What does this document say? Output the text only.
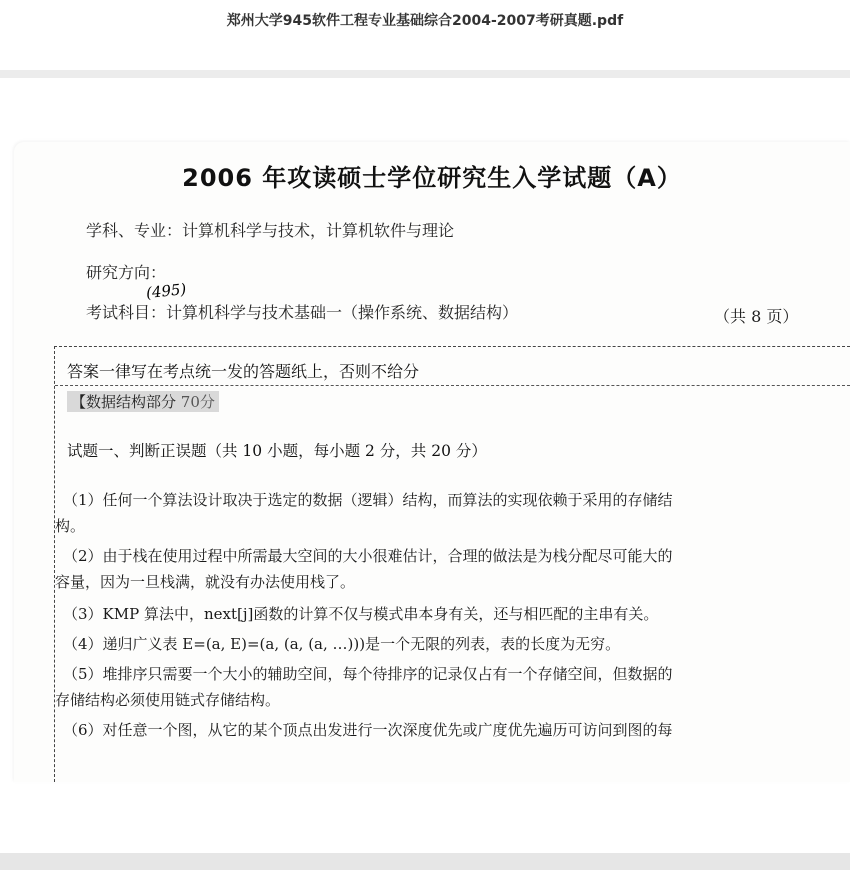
郑州大学945软件工程专业基础综合2004-2007考研真题.pdf
2006 年攻读硕士学位研究生入学试题（A）
学科、专业：计算机科学与技术，计算机软件与理论
研究方向：
(495)
考试科目：计算机科学与技术基础一（操作系统、数据结构）	（共 8 页）
答案一律写在考点统一发的答题纸上，否则不给分
【数据结构部分 70分
试题一、判断正误题（共 10 小题，每小题 2 分，共 20 分）
（1）任何一个算法设计取决于选定的数据（逻辑）结构，而算法的实现依赖于采用的存储结
构。
（2）由于栈在使用过程中所需最大空间的大小很难估计，合理的做法是为栈分配尽可能大的
容量，因为一旦栈满，就没有办法使用栈了。
（3）KMP 算法中，next[j]函数的计算不仅与模式串本身有关，还与相匹配的主串有关。
（4）递归广义表 E=(a, E)=(a, (a, (a, …)))是一个无限的列表，表的长度为无穷。
（5）堆排序只需要一个大小的辅助空间，每个待排序的记录仅占有一个存储空间，但数据的
存储结构必须使用链式存储结构。
（6）对任意一个图，从它的某个顶点出发进行一次深度优先或广度优先遍历可访问到图的每
